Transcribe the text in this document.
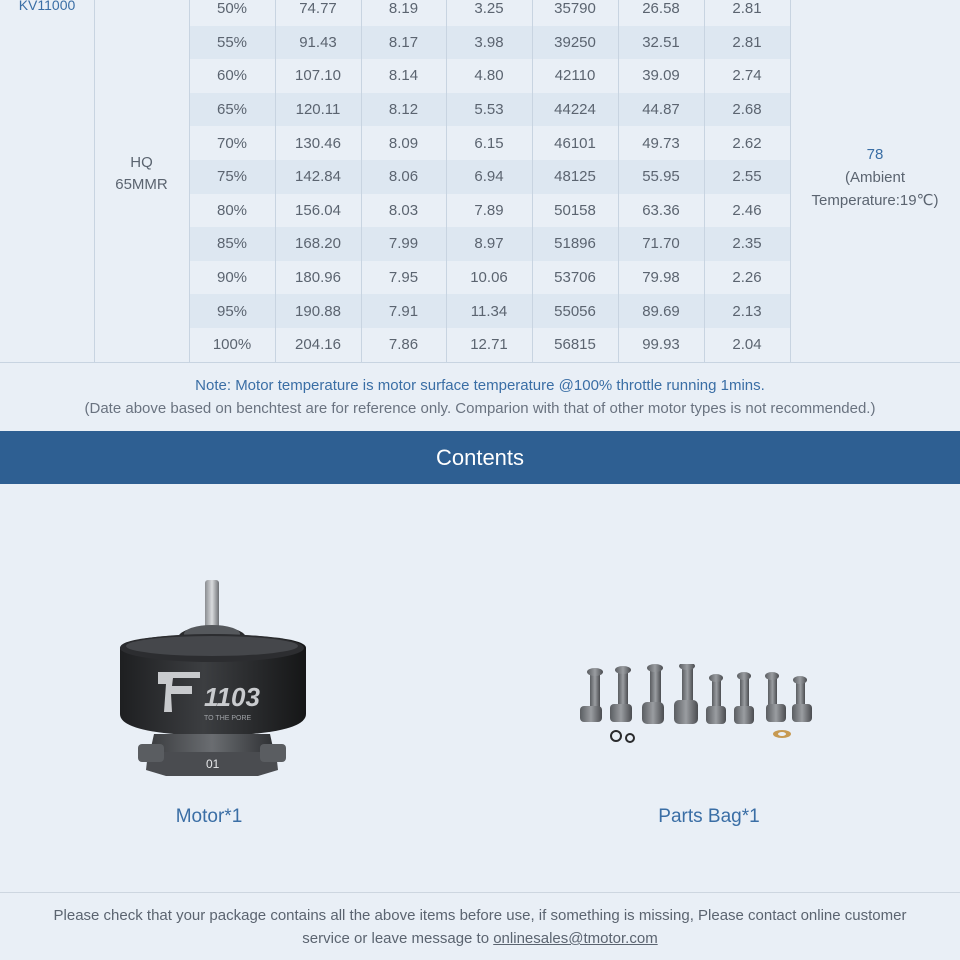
KV11000	50%	74.77	8.19	3.25	35790	26.58	2.81
55%	91.43	8.17	3.98	39250	32.51	2.81
60%	107.10	8.14	4.80	42110	39.09	2.74
65%	120.11	8.12	5.53	44224	44.87	2.68
70%	130.46	8.09	6.15	46101	49.73	2.62
75%	142.84	8.06	6.94	48125	55.95	2.55
80%	156.04	8.03	7.89	50158	63.36	2.46
85%	168.20	7.99	8.97	51896	71.70	2.35
90%	180.96	7.95	10.06	53706	79.98	2.26
95%	190.88	7.91	11.34	55056	89.69	2.13
100%	204.16	7.86	12.71	56815	99.93	2.04
HQ
65MMR
78
(Ambient
Temperature:19℃)
Note: Motor temperature is motor surface temperature @100% throttle running 1mins.
(Date above based on benchtest are for reference only. Comparion with that of other motor types is not recommended.)
Contents
1103
TO THE PORE
01
Motor*1	Parts Bag*1
Please check that your package contains all the above items before use, if something is missing, Please contact online customer service or leave message to onlinesales@tmotor.com
